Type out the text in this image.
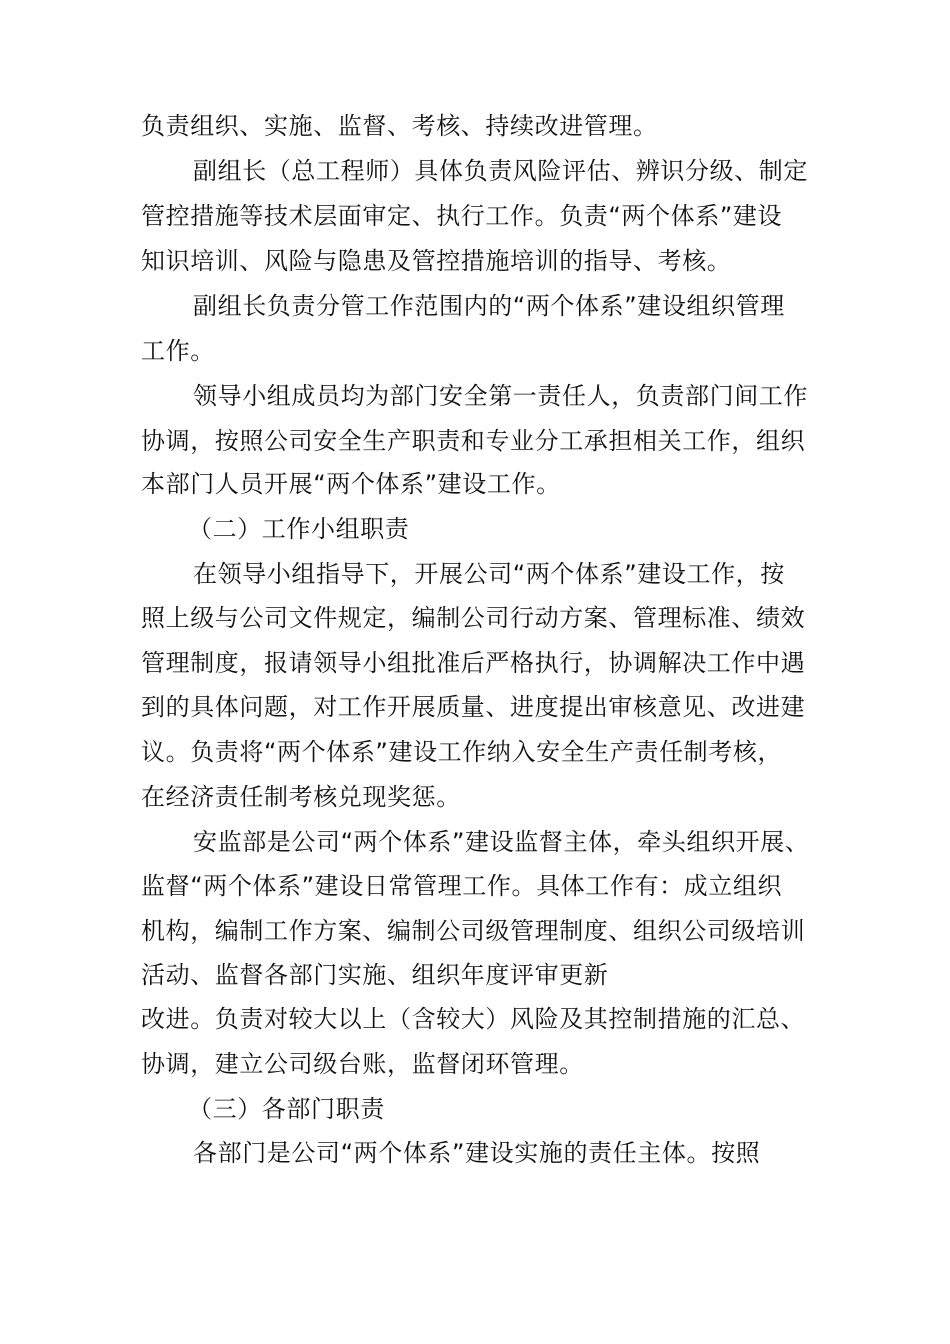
负责组织、实施、监督、考核、持续改进管理。
副组长（总工程师）具体负责风险评估、辨识分级、制定
管控措施等技术层面审定、执行工作。负责“两个体系”建设
知识培训、风险与隐患及管控措施培训的指导、考核。
副组长负责分管工作范围内的“两个体系”建设组织管理
工作。
领导小组成员均为部门安全第一责任人，负责部门间工作
协调，按照公司安全生产职责和专业分工承担相关工作，组织
本部门人员开展“两个体系”建设工作。
（二）工作小组职责
在领导小组指导下，开展公司“两个体系”建设工作，按
照上级与公司文件规定，编制公司行动方案、管理标准、绩效
管理制度，报请领导小组批准后严格执行，协调解决工作中遇
到的具体问题，对工作开展质量、进度提出审核意见、改进建
议。负责将“两个体系”建设工作纳入安全生产责任制考核，
在经济责任制考核兑现奖惩。
安监部是公司“两个体系”建设监督主体，牵头组织开展、
监督“两个体系”建设日常管理工作。具体工作有：成立组织
机构，编制工作方案、编制公司级管理制度、组织公司级培训
活动、监督各部门实施、组织年度评审更新
改进。负责对较大以上（含较大）风险及其控制措施的汇总、
协调，建立公司级台账，监督闭环管理。
（三）各部门职责
各部门是公司“两个体系”建设实施的责任主体。按照
